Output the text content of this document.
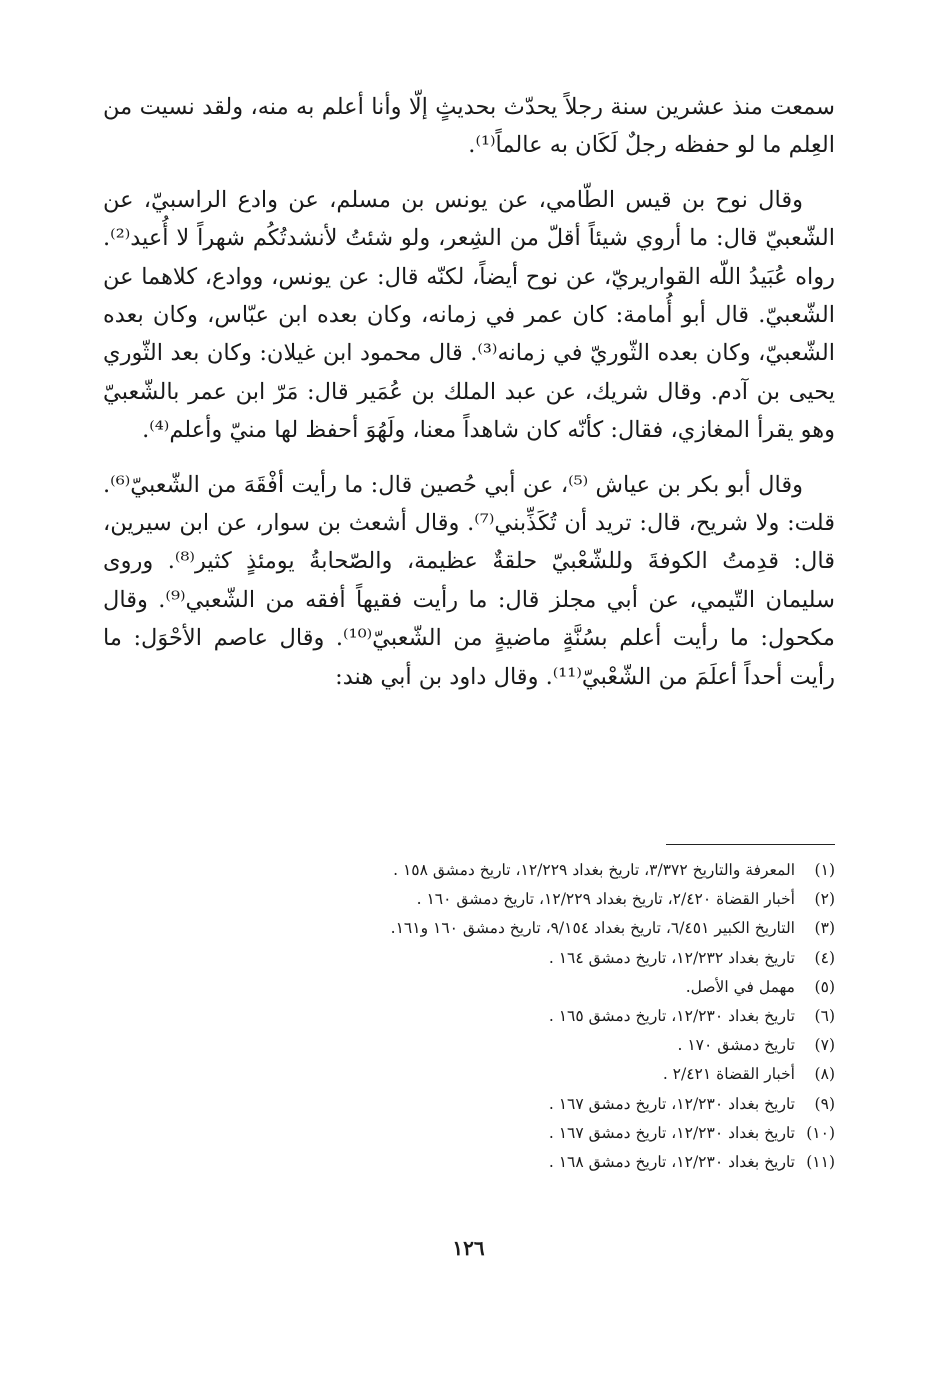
سمعت منذ عشرين سنة رجلاً يحدّث بحديثٍ إلّا وأنا أعلم به منه، ولقد نسيت من العِلم ما لو حفظه رجلٌ لَكَان به عالماً⁽¹⁾.

وقال نوح بن قيس الطّامي، عن يونس بن مسلم، عن وادع الراسبيّ، عن الشّعبيّ قال: ما أروي شيئاً أقلّ من الشِعر، ولو شئتُ لأنشدتُكُم شهراً لا أُعيد⁽²⁾. رواه عُبَيدُ اللّه القواريريّ، عن نوح أيضاً، لكنّه قال: عن يونس، ووادع، كلاهما عن الشّعبيّ. قال أبو أُمامة: كان عمر في زمانه، وكان بعده ابن عبّاس، وكان بعده الشّعبيّ، وكان بعده الثّوريّ في زمانه⁽³⁾. قال محمود ابن غيلان: وكان بعد الثّوري يحيى بن آدم. وقال شريك، عن عبد الملك بن عُمَير قال: مَرّ ابن عمر بالشّعبيّ وهو يقرأ المغازي، فقال: كأنّه كان شاهداً معنا، ولَهُوَ أحفظ لها منيّ وأعلم⁽⁴⁾.

وقال أبو بكر بن عياش ⁽⁵⁾، عن أبي حُصين قال: ما رأيت أفْقَهَ من الشّعبيّ⁽⁶⁾. قلت: ولا شريح، قال: تريد أن تُكَذِّبني⁽⁷⁾. وقال أشعث بن سوار، عن ابن سيرين، قال: قدِمتُ الكوفةَ وللشّعْبيّ حلقةٌ عظيمة، والصّحابةُ يومئذٍ كثير⁽⁸⁾. وروى سليمان التّيمي، عن أبي مجلز قال: ما رأيت فقيهاً أفقه من الشّعبي⁽⁹⁾. وقال مكحول: ما رأيت أعلم بسُنَّةٍ ماضيةٍ من الشّعبيّ⁽¹⁰⁾. وقال عاصم الأحْوَل: ما رأيت أحداً أعلَمَ من الشّعْبيّ⁽¹¹⁾. وقال داود بن أبي هند:

(١)المعرفة والتاريخ ٣/٣٧٢، تاريخ بغداد ١٢/٢٢٩، تاريخ دمشق ١٥٨ .
(٢)أخبار القضاة ٢/٤٢٠، تاريخ بغداد ١٢/٢٢٩، تاريخ دمشق ١٦٠ .
(٣)التاريخ الكبير ٦/٤٥١، تاريخ بغداد ٩/١٥٤، تاريخ دمشق ١٦٠ و١٦١.
(٤)تاريخ بغداد ١٢/٢٣٢، تاريخ دمشق ١٦٤ .
(٥)مهمل في الأصل.
(٦)تاريخ بغداد ١٢/٢٣٠، تاريخ دمشق ١٦٥ .
(٧)تاريخ دمشق ١٧٠ .
(٨)أخبار القضاة ٢/٤٢١ .
(٩)تاريخ بغداد ١٢/٢٣٠، تاريخ دمشق ١٦٧ .
(١٠)تاريخ بغداد ١٢/٢٣٠، تاريخ دمشق ١٦٧ .
(١١)تاريخ بغداد ١٢/٢٣٠، تاريخ دمشق ١٦٨ .
١٢٦
